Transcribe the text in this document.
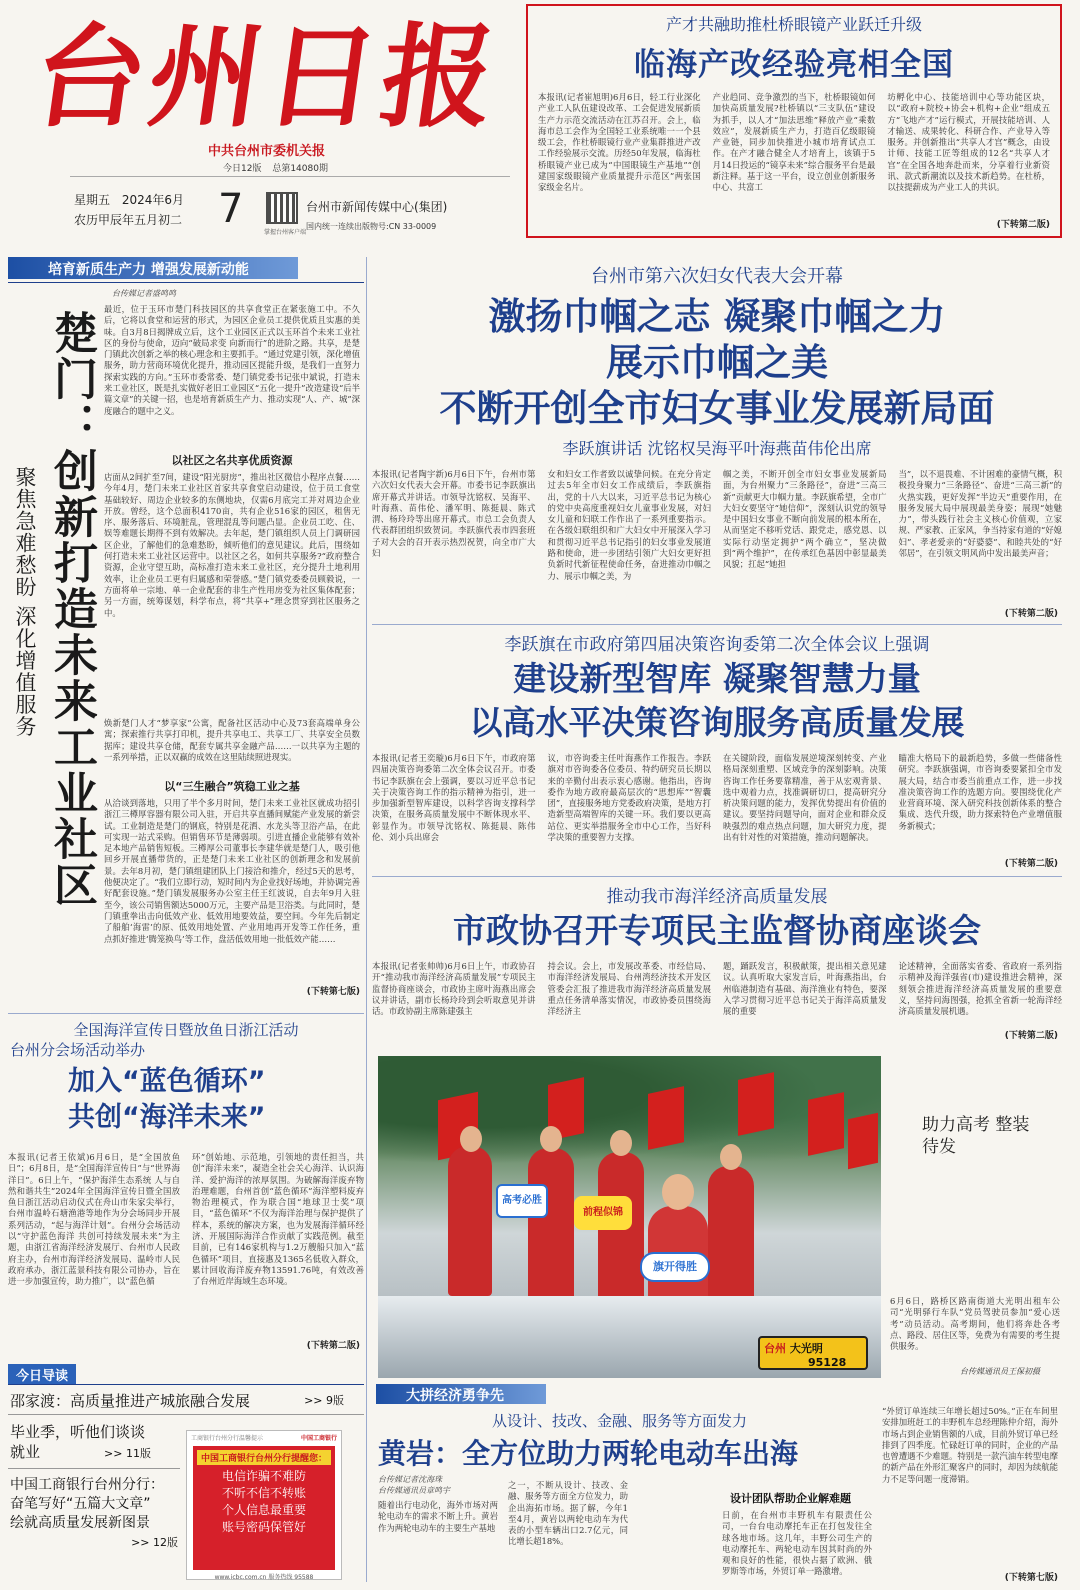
台州日报
中共台州市委机关报
今日12版 总第14080期
星期五 2024年6月
农历甲辰年五月初二 7
掌握台州客户端
台州市新闻传媒中心(集团)
国内统一连续出版物号:CN 33-0009
产才共融助推杜桥眼镜产业跃迁升级
临海产改经验亮相全国
本报讯(记者崔旭明)6月6日，轻工行业深化产业工人队伍建设改革、工会促进发展新质生产力示范交流活动在江苏召开。会上，临海市总工会作为全国轻工业系统唯一一个县级工会，作杜桥眼镜行业产业集群推进产改工作经验展示交流。历经50年发展，临海杜桥眼镜产业已成为“中国眼镜生产基地”“创建国家级眼镜产业质量提升示范区”两张国家级金名片。
产业趋同、竞争激烈的当下，杜桥眼镜如何加快高质量发展?杜桥镇以“三支队伍”建设为抓手，以人才“加法思维”释放产业“乘数效应”，发展新质生产力，打造百亿级眼镜产业链，同步加快推进小城市培育试点工作。在产才融合健全人才培育上，该镇于5月14日投运的“镜享未来”综合服务平台是最新注释。基于这一平台，设立创业创新服务中心、共富工
坊孵化中心、技能培训中心等功能区块，以“政府+院校+协会+机构+企业”组成五方“飞地产才”运行模式，开展技能培训、人才输送、成果转化、科研合作、产业导入等服务。并创新推出“共享人才宫”概念，由设计师、技能工匠等组成的12名“共享人才宫”在全国各地奔赴而来，分享着行业新资讯、款式新潮流以及技术新趋势。在杜桥，以技提薪成为产业工人的共识。
(下转第二版)
培育新质生产力 增强发展新动能
楚门：创新打造未来工业社区
聚焦急难愁盼 深化增值服务
台传媒记者盛鸣鸣
最近，位于玉环市楚门科技园区的共享食堂正在紧张施工中。不久后，它将以食堂和运营的形式，为园区企业员工提供优质且实惠的美味。自3月8日揭牌成立后，这个工业园区正式以玉环首个未来工业社区的身份与使命，迈向“破局求变 向新而行”的进阶之路。共享，是楚门镇此次创新之举的核心理念和主要抓手。“通过党建引领，深化增值服务，助力营商环境优化提升，推动园区提能升级，是我们一直努力探索实践的方向。”玉环市委常委、楚门镇党委书记张中斌说，打造未来工业社区，既是扎实做好老旧工业园区“五化一提升”改造建设“后半篇文章”的关键一招，也是培育新质生产力、推动实现“人、产、城”深度融合的题中之义。
以社区之名共享优质资源
店面从2间扩至7间，建设“阳光厨房”，推出社区微信小程序点餐……今年4月，楚门未来工业社区首家共享食堂启动建设，位于员工食堂基础较好、周边企业较多的东侧地块，仅需6月底完工并对周边企业开放。曾经，这个总面积4170亩，共有企业516家的园区，租售无序、服务落后、环境脏乱，管理混乱等问题凸显。企业员工吃、住、娱等难题长期得不到有效解决。去年起，楚门镇组织人员上门调研园区企业，了解他们的急难愁盼，倾听他们的意见建议。此后，围绕如何打造未来工业社区运营中。以社区之名，如何共享服务?“政府整合资源，企业守望互助，高标准打造未来工业社区，充分提升土地利用效率，让企业员工更有归属感和荣誉感。”楚门镇党委委员顾毅说，一方面将单一宗地、单一企业配套的非生产性用房变为社区集体配套；另一方面，统筹谋划，科学布点，将“共享+”理念贯穿到社区服务之中。
焕新楚门人才“梦享家”公寓，配备社区活动中心及73套高端单身公寓；探索推行共享打印机，提升共享电工、共享工厂、共享安全员数据库；建设共享仓储，配套专属共享金融产品……一以共享为主题的一系列举措，正以双赢的成效在这里陆续照进现实。
以“三生融合”筑稳工业之基
从洽谈到落地，只用了半个多月时间，楚门未来工业社区就成功招引浙江三樽厚容器有限公司入驻，开启共享直播间赋能产业发展的新尝试。工业制造是楚门的钢底，特别是花洒、水龙头等卫浴产品，在此可实现一站式采购。但销售环节是薄弱项。引进直播企业能够有效补足本地产品销售短板。三樽厚公司董事长李建华就是楚门人，吸引他回乡开展直播带货的，正是楚门未来工业社区的创新理念和发展前景。去年8月初，楚门镇组建团队上门接洽和推介，经过5天的思考，他便决定了。“我们立即行动，短时间内为企业找好场地，并协调完善好配套设施。”楚门镇发展服务办公室主任王红波说，自去年9月入驻至今，该公司销售额达5000万元，主要产品是卫浴类。与此同时，楚门镇重拳出击向低效产业、低效用地要效益，要空间。今年先后制定了船舶‘海雷’的原、低效用地处置、产业用地再开发等工作任务，重点抓好推进‘腾笼换鸟’等工作，盘活低效用地一批低效产能……
(下转第七版)
台州市第六次妇女代表大会开幕
激扬巾帼之志 凝聚巾帼之力
展示巾帼之美
不断开创全市妇女事业发展新局面
李跃旗讲话 沈铭权吴海平叶海燕苗伟伦出席
本报讯(记者陶宇新)6月6日下午，台州市第六次妇女代表大会开幕。市委书记李跃旗出席开幕式并讲话。市领导沈铭权、吴海平、叶海燕、苗伟伦、潘军明、陈挺晨、陈式渭、杨玲玲等出席开幕式。市总工会负责人代表群团组织致贺词。李跃旗代表市四套班子对大会的召开表示热烈祝贺，向全市广大妇
女和妇女工作者致以诚挚问候。在充分肯定过去5年全市妇女工作成绩后，李跃旗指出，党的十八大以来，习近平总书记为核心的党中央高度重视妇女儿童事业发展，对妇女儿童和妇联工作作出了一系列重要指示。在各级妇联组织和广大妇女中开展深入学习和贯彻习近平总书记指引的妇女事业发展道路和使命，进一步团结引领广大妇女更好担负新时代新征程使命任务，奋进推动巾帼之力、展示巾帼之美，为
帼之美，不断开创全市妇女事业发展新局面，为台州聚力“三条路径”，奋进“三高三新”贡献更大巾帼力量。李跃旗希望，全市广大妇女要坚守“她信仰”，深刻认识党的领导是中国妇女事业不断向前发展的根本所在，从而坚定不移听党话、跟党走，感党恩、以实际行动坚定拥护“两个确立”，坚决做到“两个维护”，在传承红色基因中彰显最美风貌；扛起“她担
当”，以不退畏难、不计困难的豪情气概，积极投身聚力“三条路径”、奋进“三高三新”的火热实践，更好发挥“半边天”重要作用，在服务发展大局中展现最美身姿；展现“她魅力”，带头践行社会主义核心价值观，立家规、严家教、正家风，争当持家有道的“好媳妇”、孝老爱亲的“好婆婆”、和睦共处的“好邻居”，在引领文明风尚中发出最美声音；
(下转第二版)
李跃旗在市政府第四届决策咨询委第二次全体会议上强调
建设新型智库 凝聚智慧力量
以高水平决策咨询服务高质量发展
本报讯(记者王奕璇)6月6日下午，市政府第四届决策咨询委第二次全体会议召开。市委书记李跃旗在会上强调，要以习近平总书记关于决策咨询工作的指示精神为指引，进一步加强新型智库建设，以科学咨询支撑科学决策，在服务高质量发展中不断体现水平、彰显作为。市领导沈铭权、陈挺晨、陈伟伦、刘小兵出席会
议，市咨询委主任叶海燕作工作报告。李跃旗对市咨询委各位委员、特约研究员长期以来的辛勤付出表示衷心感谢。他指出，咨询委作为地方政府最高层次的“思想库”“智囊团”，直接服务地方党委政府决策，是地方打造新型高端智库的关键一环。我们要以更高站位、更实举措服务全市中心工作，当好科学决策的重要智力支撑。
在关键阶段，面临发展逆境深刻转变、产业格局深刻重塑、区域竞争的深刻影响。决策咨询工作任务要靠精准，善于从宏观背景、选中观着力点，找准调研切口，提高研究分析决策问题的能力，发挥优势提出有价值的建议。要坚持问题导向，面对企业和群众反映强烈的难点热点问题，加大研究力度，提出有针对性的对策措施，推动问题解决。
瞄准大格局下的最新趋势，多做一些储备性研究。李跃旗强调，市咨询委要紧扣全市发展大局，结合市委当前重点工作，进一步找准决策咨询工作的选题方向。要围绕优化产业营商环境、深入研究科技创新体系的整合集成、迭代升级，助力探索特色产业增值服务新模式；
(下转第二版)
推动我市海洋经济高质量发展
市政协召开专项民主监督协商座谈会
本报讯(记者张帅帅)6月6日上午，市政协召开“推动我市海洋经济高质量发展”专项民主监督协商座谈会，市政协主席叶海燕出席会议并讲话，副市长杨玲玲到会听取意见并讲话。市政协副主席陈建强主
持会议。会上，市发展改革委、市经信局、市海洋经济发展局、台州湾经济技术开发区管委会汇报了推进我市海洋经济高质量发展重点任务清单落实情况，市政协委员围绕海洋经济主
题，踊跃发言，积极献策，提出相关意见建议。认真听取大家发言后，叶海燕指出，台州临港制造有基础、海洋渔业有特色，要深入学习贯彻习近平总书记关于海洋高质量发展的重要
论述精神，全面落实省委、省政府一系列指示精神及海洋强省(市)建设推进会精神，深刻领会推进海洋经济高质量发展的重要意义，坚持问海图强，抢抓全省新一轮海洋经济高质量发展机遇。
(下转第二版)
台州 大光明
95128
高考必胜
前程似锦
旗开得胜
助力高考 整装待发
6月6日，路桥区路南街道大光明出租车公司“光明驿行车队”党员驾驶员参加“爱心送考”动员活动。高考期间，他们将奔赴各考点、路段、居住区等，免费为有需要的考生提供服务。
台传媒通讯员王保初摄
全国海洋宣传日暨放鱼日浙江活动
台州分会场活动举办
加入“蓝色循环”
共创“海洋未来”
本报讯(记者王依斌)6月6日，是“全国放鱼日”；6月8日，是“全国海洋宣传日”与“世界海洋日”。6日上午，“保护海洋生态系统 人与自然和谐共生”2024年全国海洋宣传日暨全国放鱼日浙江活动启动仪式在舟山市朱家尖举行，台州市温岭石塘渔港等地作为分会场同步开展系列活动，“起与海洋计划”。台州分会场活动以“守护蓝色海洋 共创可持续发展未来”为主题，由浙江省海洋经济发展厅、台州市人民政府主办，台州市海洋经济发展局、温岭市人民政府承办，浙江蓝景科技有限公司协办，旨在进一步加强宣传，助力推广，以“蓝色循
环”创始地、示范地，引领地的责任担当，共创“海洋未来”，凝造全社会关心海洋、认识海洋、爱护海洋的浓厚氛围。为破解海洋废弃物治理难题，台州首创“蓝色循环”海洋塑料废弃物治理模式，作为联合国“地球卫士奖”项目，“蓝色循环”不仅为海洋治理与保护提供了样本，系统的解决方案，也为发展海洋循环经济、开展国际海洋合作贡献了实践范例。截至目前，已有146家机构与1.2万艘船只加入“蓝色循环”项目，直接惠及1365名低收入群众，累计回收海洋废弃物13591.76吨，有效改善了台州近岸海域生态环境。
(下转第二版)
今日导读
邵家渡：高质量推进产城旅融合发展	>> 9版
毕业季，听他们谈谈
就业	>> 11版
中国工商银行台州分行：
奋笔写好“五篇大文章”
绘就高质量发展新图景
>> 12版
工商银行台州分行温馨提示	中国工商银行
中国工商银行台州分行提醒您：
电信诈骗不难防
不听不信不转账
个人信息最重要
账号密码保管好
www.icbc.com.cn 服务热线 95588
大拼经济勇争先
从设计、技改、金融、服务等方面发力
黄岩：全方位助力两轮电动车出海
台传媒记者沈海珠
台传媒通讯员章鸣宇
随着出行电动化，海外市场对两轮电动车的需求不断上升。黄岩作为两轮电动车的主要生产基地
之一，不断从设计、技改、金融、服务等方面全方位发力，助企出海拓市场。据了解，今年1至4月，黄岩以两轮电动车为代表的小型车辆出口2.7亿元，同比增长超18%。
设计团队帮助企业解难题
日前，在台州市丰野机车有限责任公司，一台台电动摩托车正在打包发往全球各地市场。这几年，丰野公司生产的电动摩托车、两轮电动车因其时尚的外观和良好的性能，很快占据了欧洲、俄罗斯等市场，外贸订单一路激增。
“外贸订单连续三年增长超过50%。”正在车间里安排加班赶工的丰野机车总经理陈仲介绍，海外市场占到企业销售额的八成，目前外贸订单已经排到了四季度。忙碌赶订单的同时，企业的产品也曾遭遇不少难题。特别是一款汽油车转型电摩的新产品在外形汇聚客户的同时，却因为续航能力不足等问题一度滞销。
(下转第七版)
